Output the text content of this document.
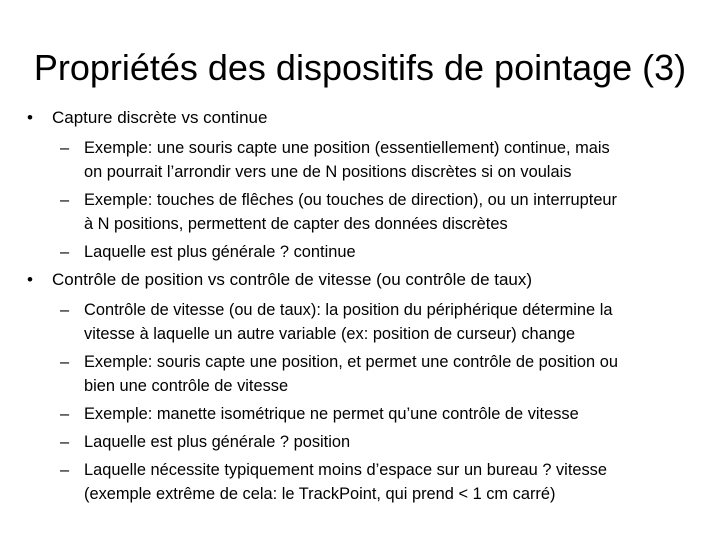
Propriétés des dispositifs de pointage (3)
• Capture discrète vs continue
– Exemple: une souris capte une position (essentiellement) continue, mais
on pourrait l’arrondir vers une de N positions discrètes si on voulais
– Exemple: touches de flêches (ou touches de direction), ou un interrupteur
à N positions, permettent de capter des données discrètes
– Laquelle est plus générale ? continue
• Contrôle de position vs contrôle de vitesse (ou contrôle de taux)
– Contrôle de vitesse (ou de taux): la position du périphérique détermine la
vitesse à laquelle un autre variable (ex: position de curseur) change
– Exemple: souris capte une position, et permet une contrôle de position ou
bien une contrôle de vitesse
– Exemple: manette isométrique ne permet qu’une contrôle de vitesse
– Laquelle est plus générale ? position
– Laquelle nécessite typiquement moins d’espace sur un bureau ? vitesse
(exemple extrême de cela: le TrackPoint, qui prend < 1 cm carré)
